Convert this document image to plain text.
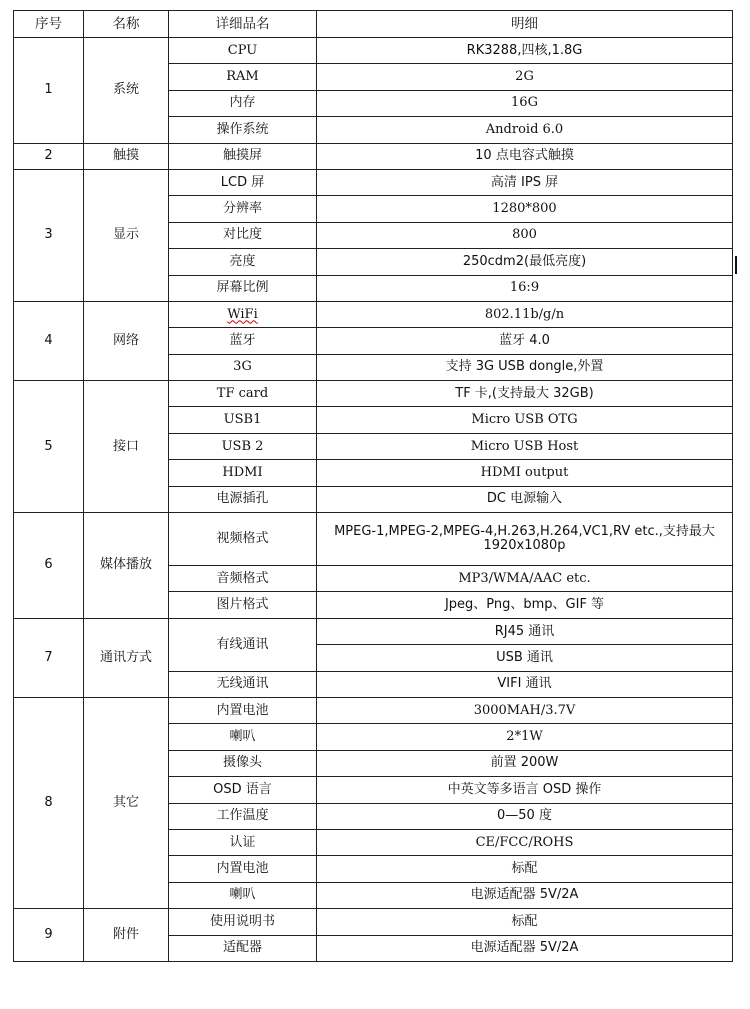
序号	名称	详细品名	明细
1	系统	CPU	RK3288,四核,1.8G
		RAM	2G
		内存	16G
		操作系统	Android 6.0
2	触摸	触摸屏	10 点电容式触摸
3	显示	LCD 屏	高清 IPS 屏
		分辨率	1280*800
		对比度	800
		亮度	250cdm2(最低亮度)
		屏幕比例	16:9
4	网络	WiFi	802.11b/g/n
		蓝牙	蓝牙 4.0
		3G	支持 3G USB dongle,外置
5	接口	TF card	TF 卡,(支持最大 32GB)
		USB1	Micro USB OTG
		USB 2	Micro USB Host
		HDMI	HDMI output
		电源插孔	DC 电源输入
6	媒体播放	视频格式	MPEG-1,MPEG-2,MPEG-4,H.263,H.264,VC1,RV etc.,支持最大 1920x1080p
		音频格式	MP3/WMA/AAC etc.
		图片格式	Jpeg、Png、bmp、GIF 等
7	通讯方式	有线通讯	RJ45 通讯
			USB 通讯
		无线通讯	VIFI 通讯
8	其它	内置电池	3000MAH/3.7V
		喇叭	2*1W
		摄像头	前置 200W
		OSD 语言	中英文等多语言 OSD 操作
		工作温度	0—50 度
		认证	CE/FCC/ROHS
		内置电池	标配
		喇叭	电源适配器 5V/2A
9	附件	使用说明书	标配
		适配器	电源适配器 5V/2A
